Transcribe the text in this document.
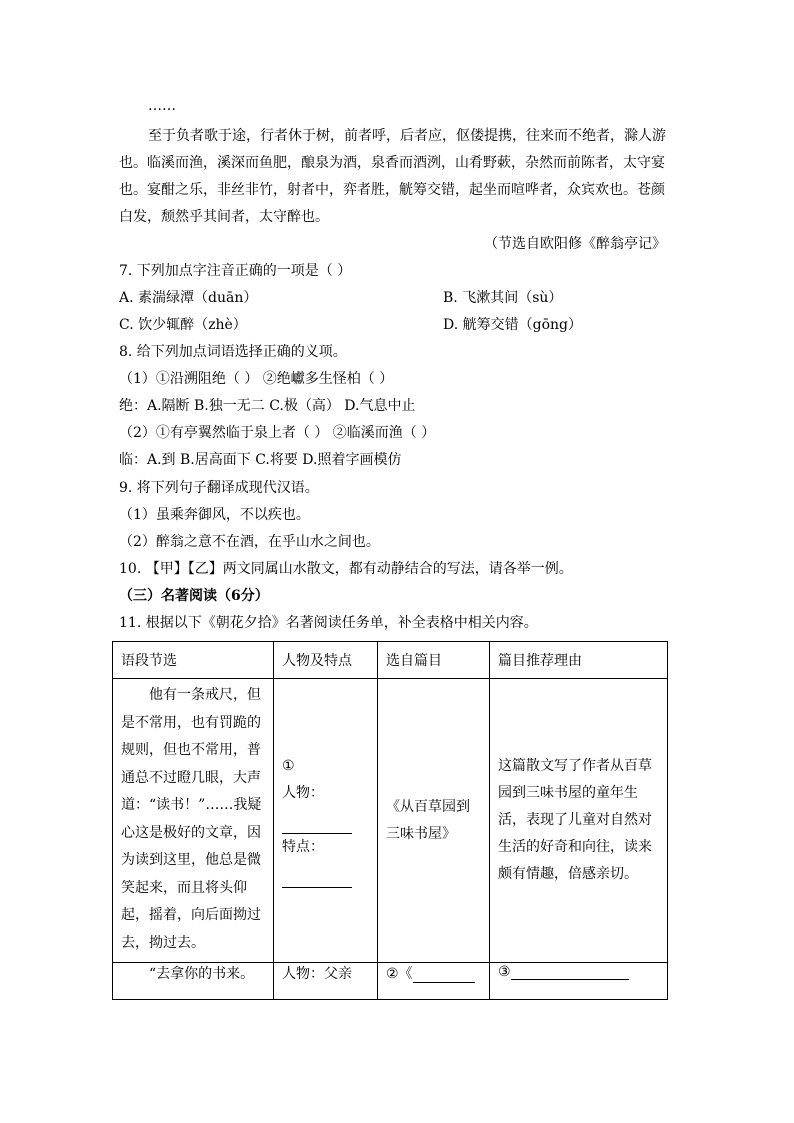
……
至于负者歌于途，行者休于树，前者呼，后者应，伛偻提携，往来而不绝者，滁人游
也。临溪而渔，溪深而鱼肥，酿泉为酒，泉香而酒洌，山肴野蔌，杂然而前陈者，太守宴
也。宴酣之乐，非丝非竹，射者中，弈者胜，觥筹交错，起坐而喧哗者，众宾欢也。苍颜
白发，颓然乎其间者，太守醉也。
（节选自欧阳修《醉翁亭记》
7. 下列加点字注音正确的一项是（ ）
A. 素湍绿潭（duān）	B. 飞漱其间（sù）
C. 饮少辄醉（zhè）	D. 觥筹交错（gōng）
8. 给下列加点词语选择正确的义项。
（1）①沿溯阻绝（ ） ②绝巘多生怪柏（ ）
绝：A.隔断 B.独一无二 C.极（高） D.气息中止
（2）①有亭翼然临于泉上者（ ） ②临溪而渔（ ）
临：A.到 B.居高面下 C.将要 D.照着字画模仿
9. 将下列句子翻译成现代汉语。
（1）虽乘奔御风，不以疾也。
（2）醉翁之意不在酒，在乎山水之间也。
10. 【甲】【乙】两文同属山水散文，都有动静结合的写法，请各举一例。
（三）名著阅读（6分）
11. 根据以下《朝花夕拾》名著阅读任务单，补全表格中相关内容。
语段节选	人物及特点	选自篇目	篇目推荐理由
　　他有一条戒尺，但是不常用，也有罚跪的规则，但也不常用，普通总不过瞪几眼，大声道：“读书！”……我疑心这是极好的文章，因为读到这里，他总是微笑起来，而且将头仰起，摇着，向后面拗过去，拗过去。	①
人物：
特点：	《从百草园到三味书屋》	这篇散文写了作者从百草园到三味书屋的童年生活，表现了儿童对自然对生活的好奇和向往，读来颇有情趣，倍感亲切。
　　“去拿你的书来。	人物：父亲	②《	③
